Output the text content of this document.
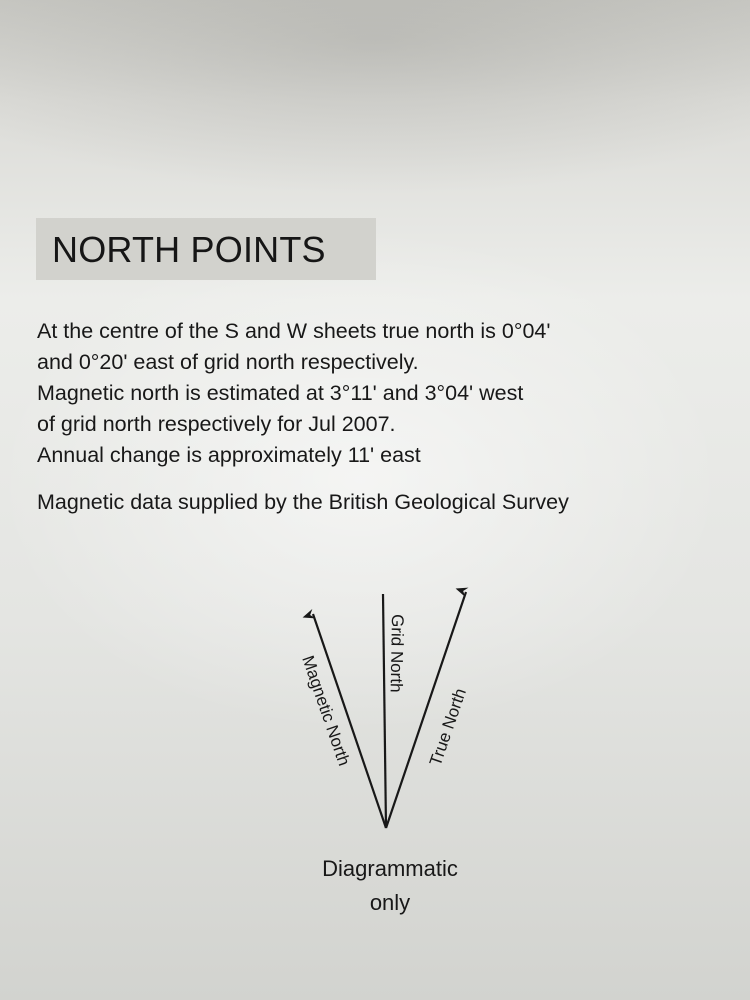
NORTH POINTS
At the centre of the S and W sheets true north is 0°04'
and 0°20' east of grid north respectively.
Magnetic north is estimated at 3°11' and 3°04' west
of grid north respectively for Jul 2007.
Annual change is approximately 11' east
Magnetic data supplied by the British Geological Survey
Magnetic North Grid North
True North
Diagrammatic
only
